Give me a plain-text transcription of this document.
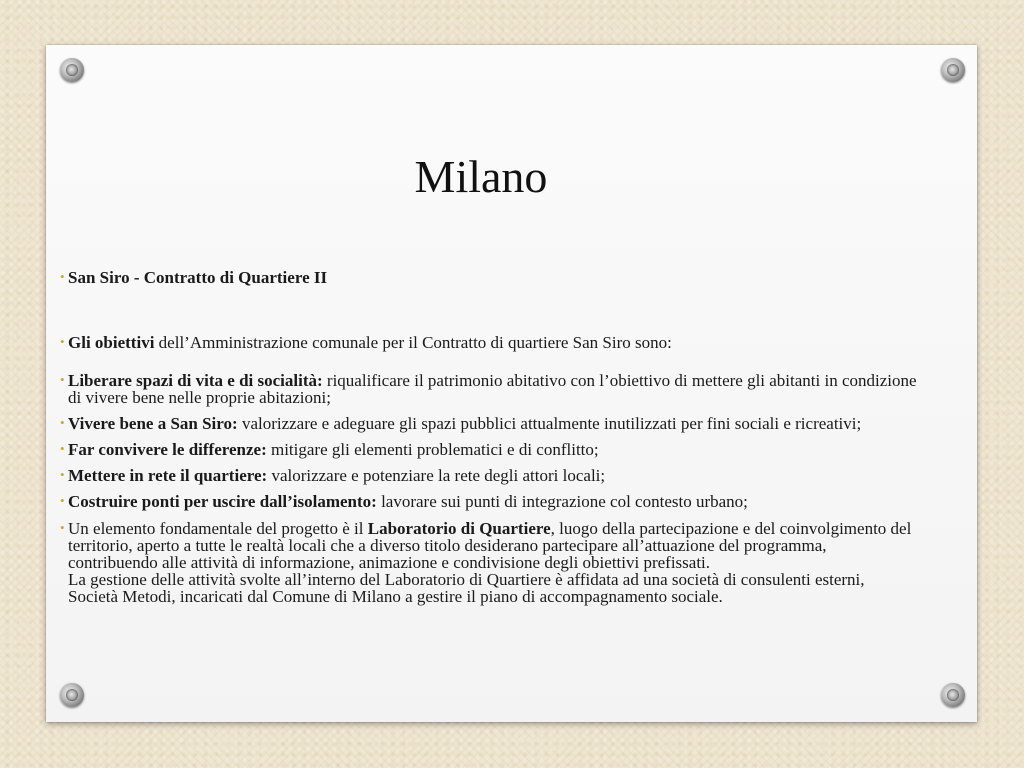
Milano
• San Siro - Contratto di Quartiere II
• Gli obiettivi dell’Amministrazione comunale per il Contratto di quartiere San Siro sono:
• Liberare spazi di vita e di socialità: riqualificare il patrimonio abitativo con l’obiettivo di mettere gli abitanti in condizione di vivere bene nelle proprie abitazioni;
• Vivere bene a San Siro: valorizzare e adeguare gli spazi pubblici attualmente inutilizzati per fini sociali e ricreativi;
• Far convivere le differenze: mitigare gli elementi problematici e di conflitto;
• Mettere in rete il quartiere: valorizzare e potenziare la rete degli attori locali;
• Costruire ponti per uscire dall’isolamento: lavorare sui punti di integrazione col contesto urbano;
• Un elemento fondamentale del progetto è il Laboratorio di Quartiere, luogo della partecipazione e del coinvolgimento del territorio, aperto a tutte le realtà locali che a diverso titolo desiderano partecipare all’attuazione del programma, contribuendo alle attività di informazione, animazione e condivisione degli obiettivi prefissati.
La gestione delle attività svolte all’interno del Laboratorio di Quartiere è affidata ad una società di consulenti esterni, Società Metodi, incaricati dal Comune di Milano a gestire il piano di accompagnamento sociale.
